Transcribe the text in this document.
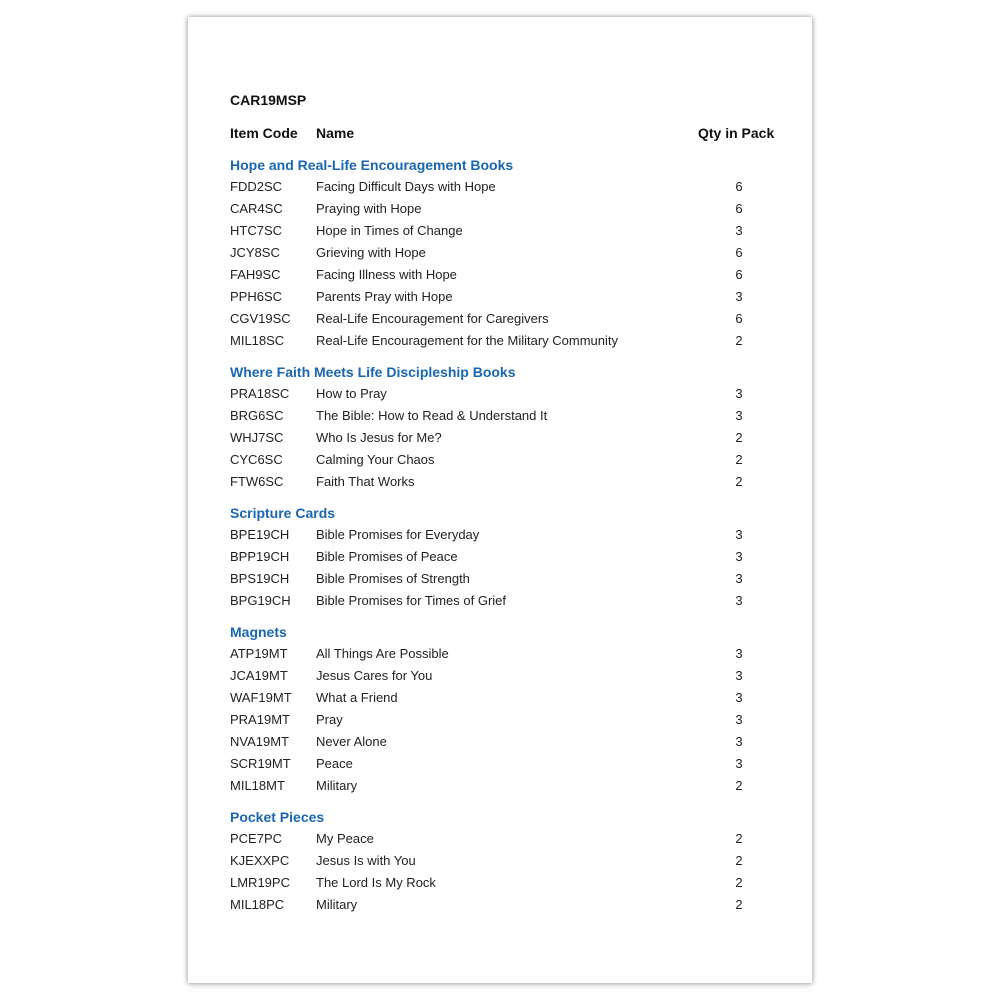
CAR19MSP
Item Code Name	Qty in Pack
Hope and Real-Life Encouragement Books
FDD2SC	Facing Difficult Days with Hope	6
CAR4SC	Praying with Hope	6
HTC7SC	Hope in Times of Change	3
JCY8SC	Grieving with Hope	6
FAH9SC	Facing Illness with Hope	6
PPH6SC	Parents Pray with Hope	3
CGV19SC Real-Life Encouragement for Caregivers	6
MIL18SC Real-Life Encouragement for the Military Community	2
Where Faith Meets Life Discipleship Books
PRA18SC How to Pray	3
BRG6SC	The Bible: How to Read & Understand It	3
WHJ7SC	Who Is Jesus for Me?	2
CYC6SC	Calming Your Chaos	2
FTW6SC	Faith That Works	2
Scripture Cards
BPE19CH Bible Promises for Everyday	3
BPP19CH Bible Promises of Peace	3
BPS19CH Bible Promises of Strength	3
BPG19CH Bible Promises for Times of Grief	3
Magnets
ATP19MT All Things Are Possible	3
JCA19MT Jesus Cares for You	3
WAF19MT What a Friend	3
PRA19MT Pray	3
NVA19MT Never Alone	3
SCR19MT Peace	3
MIL18MT Military	2
Pocket Pieces
PCE7PC	My Peace	2
KJEXXPC Jesus Is with You	2
LMR19PC The Lord Is My Rock	2
MIL18PC Military	2
